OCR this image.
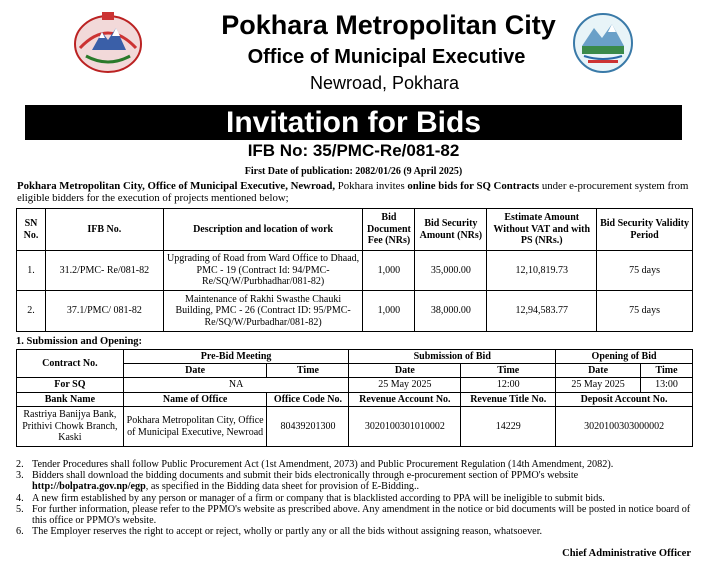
Pokhara Metropolitan City
Office of Municipal Executive
Newroad, Pokhara
Invitation for Bids
IFB No: 35/PMC-Re/081-82
First Date of publication: 2082/01/26 (9 April 2025)
Pokhara Metropolitan City, Office of Municipal Executive, Newroad, Pokhara invites online bids for SQ Contracts under e-procurement system from eligible bidders for the execution of projects mentioned below;
SN No.	IFB No.	Description and location of work	Bid Document Fee (NRs)	Bid Security Amount (NRs)	Estimate Amount Without VAT and with PS (NRs.)	Bid Security Validity Period
1.	31.2/PMC- Re/081-82	Upgrading of Road from Ward Office to Dhaad, PMC - 19 (Contract Id: 94/PMC-Re/SQ/W/Purbhadhar/081-82)	1,000	35,000.00	12,10,819.73	75 days
2.	37.1/PMC/ 081-82	Maintenance of Rakhi Swasthe Chauki Building, PMC - 26 (Contract ID: 95/PMC-Re/SQ/W/Purbadhar/081-82)	1,000	38,000.00	12,94,583.77	75 days
1. Submission and Opening:
Contract No.	Pre-Bid Meeting		Submission of Bid		Opening of Bid	
	Date	Time	Date	Time	Date	Time
For SQ	NA		25 May 2025	12:00	25 May 2025	13:00
Bank Name	Name of Office	Office Code No.	Revenue Account No.	Revenue Title No.	Deposit Account No.	
Rastriya Banijya Bank, Prithivi Chowk Branch, Kaski	Pokhara Metropolitan City, Office of Municipal Executive, Newroad	80439201300	3020100301010002	14229	3020100303000002	
2. Tender Procedures shall follow Public Procurement Act (1st Amendment, 2073) and Public Procurement Regulation (14th Amendment, 2082).
3. Bidders shall download the bidding documents and submit their bids electronically through e-procurement section of PPMO's website http://bolpatra.gov.np/egp, as specified in the Bidding data sheet for provision of E-Bidding..
4. A new firm established by any person or manager of a firm or company that is blacklisted according to PPA will be ineligible to submit bids.
5. For further information, please refer to the PPMO's website as prescribed above. Any amendment in the notice or bid documents will be posted in notice board of this office or PPMO's website.
6. The Employer reserves the right to accept or reject, wholly or partly any or all the bids without assigning reason, whatsoever.
Chief Administrative Officer
